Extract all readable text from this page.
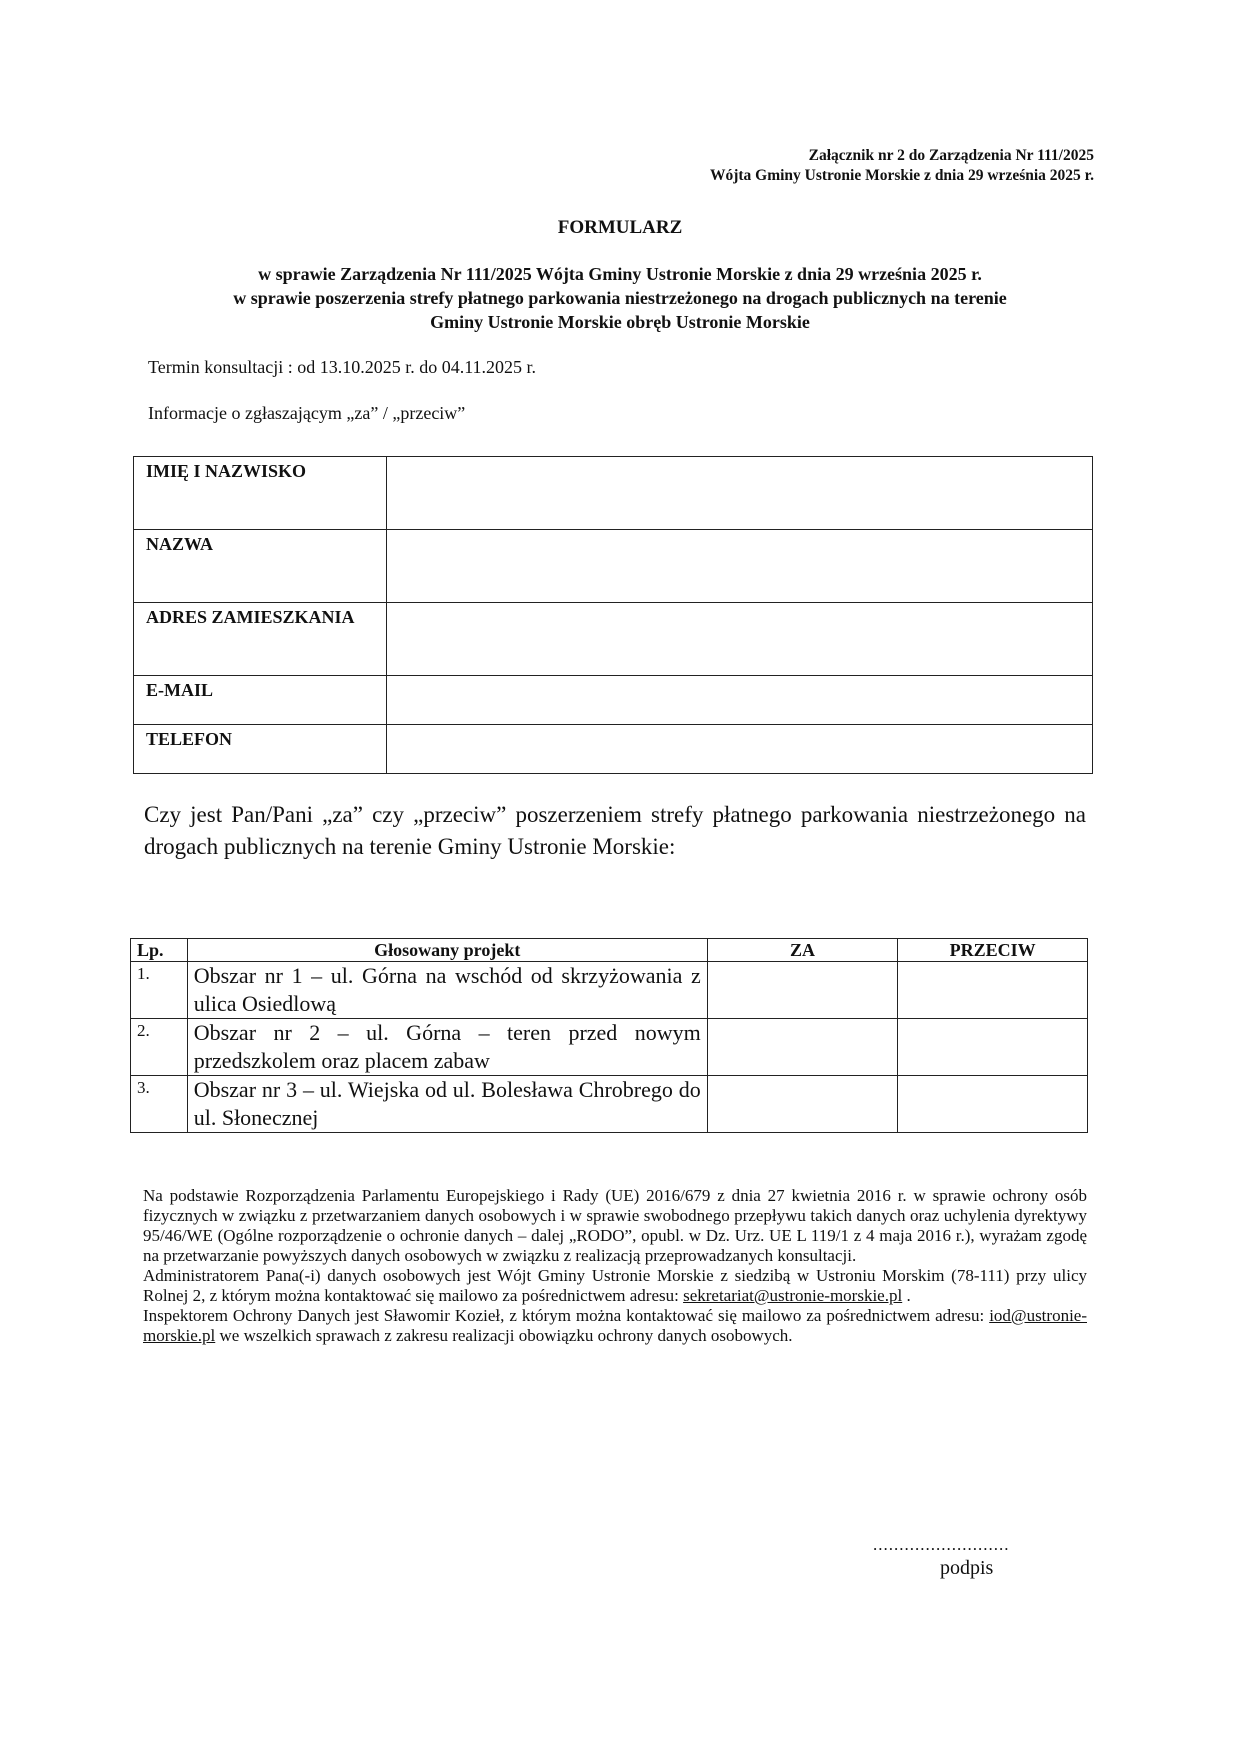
Załącznik nr 2 do Zarządzenia Nr 111/2025
Wójta Gminy Ustronie Morskie z dnia 29 września 2025 r.
FORMULARZ
w sprawie Zarządzenia Nr 111/2025 Wójta Gminy Ustronie Morskie z dnia 29 września 2025 r.
w sprawie poszerzenia strefy płatnego parkowania niestrzeżonego na drogach publicznych na terenie
Gminy Ustronie Morskie obręb Ustronie Morskie
Termin konsultacji : od 13.10.2025 r. do 04.11.2025 r.
Informacje o zgłaszającym „za” / „przeciw”
IMIĘ I NAZWISKO	
NAZWA	
ADRES ZAMIESZKANIA	
E-MAIL	
TELEFON	
Czy jest Pan/Pani „za” czy „przeciw” poszerzeniem strefy płatnego parkowania niestrzeżonego na drogach publicznych na terenie Gminy Ustronie Morskie:
Lp.	Głosowany projekt	ZA	PRZECIW
1.	Obszar nr 1 – ul. Górna na wschód od skrzyżowania z ulica Osiedlową		
2.	Obszar nr 2 – ul. Górna – teren przed nowym przedszkolem oraz placem zabaw		
3.	Obszar nr 3 – ul. Wiejska od ul. Bolesława Chrobrego do ul. Słonecznej		

Na podstawie Rozporządzenia Parlamentu Europejskiego i Rady (UE) 2016/679 z dnia 27 kwietnia 2016 r. w sprawie ochrony osób fizycznych w związku z przetwarzaniem danych osobowych i w sprawie swobodnego przepływu takich danych oraz uchylenia dyrektywy 95/46/WE (Ogólne rozporządzenie o ochronie danych – dalej „RODO”, opubl. w Dz. Urz. UE L 119/1 z 4 maja 2016 r.), wyrażam zgodę na przetwarzanie powyższych danych osobowych w związku z realizacją przeprowadzanych konsultacji.

Administratorem Pana(-i) danych osobowych jest Wójt Gminy Ustronie Morskie z siedzibą w Ustroniu Morskim (78-111) przy ulicy Rolnej 2, z którym można kontaktować się mailowo za pośrednictwem adresu: sekretariat@ustronie-morskie.pl .

Inspektorem Ochrony Danych jest Sławomir Kozieł, z którym można kontaktować się mailowo za pośrednictwem adresu: iod@ustronie-morskie.pl we wszelkich sprawach z zakresu realizacji obowiązku ochrony danych osobowych.

..........................
podpis
